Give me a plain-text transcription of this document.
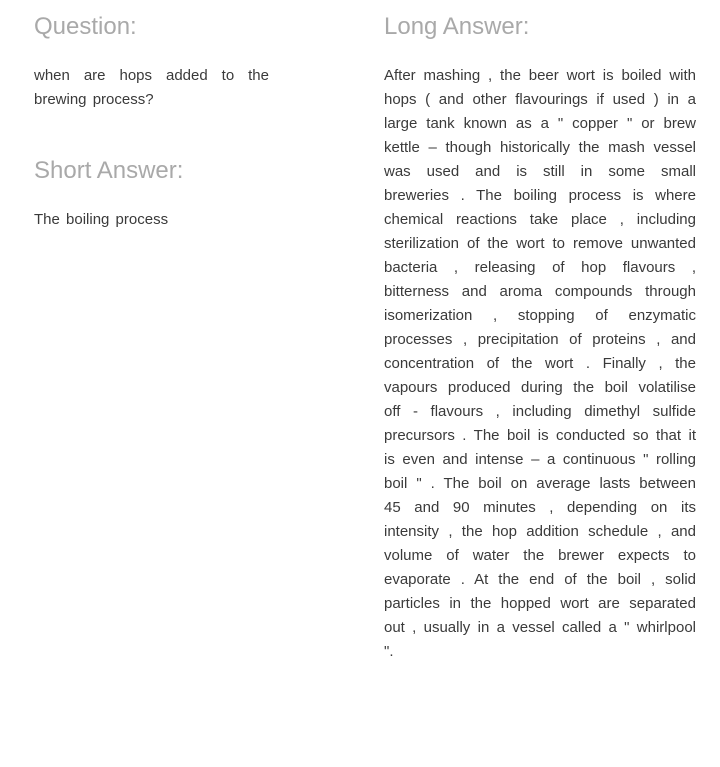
Question:

when are hops added to the brewing process?

Short Answer:

The boiling process

Long Answer:

After mashing , the beer wort is boiled with hops ( and other flavourings if used ) in a large tank known as a " copper " or brew kettle – though historically the mash vessel was used and is still in some small breweries . The boiling process is where chemical reactions take place , including sterilization of the wort to remove unwanted bacteria , releasing of hop flavours , bitterness and aroma compounds through isomerization , stopping of enzymatic processes , precipitation of proteins , and concentration of the wort . Finally , the vapours produced during the boil volatilise off - flavours , including dimethyl sulfide precursors . The boil is conducted so that it is even and intense – a continuous " rolling boil " . The boil on average lasts between 45 and 90 minutes , depending on its intensity , the hop addition schedule , and volume of water the brewer expects to evaporate . At the end of the boil , solid particles in the hopped wort are separated out , usually in a vessel called a " whirlpool ".
